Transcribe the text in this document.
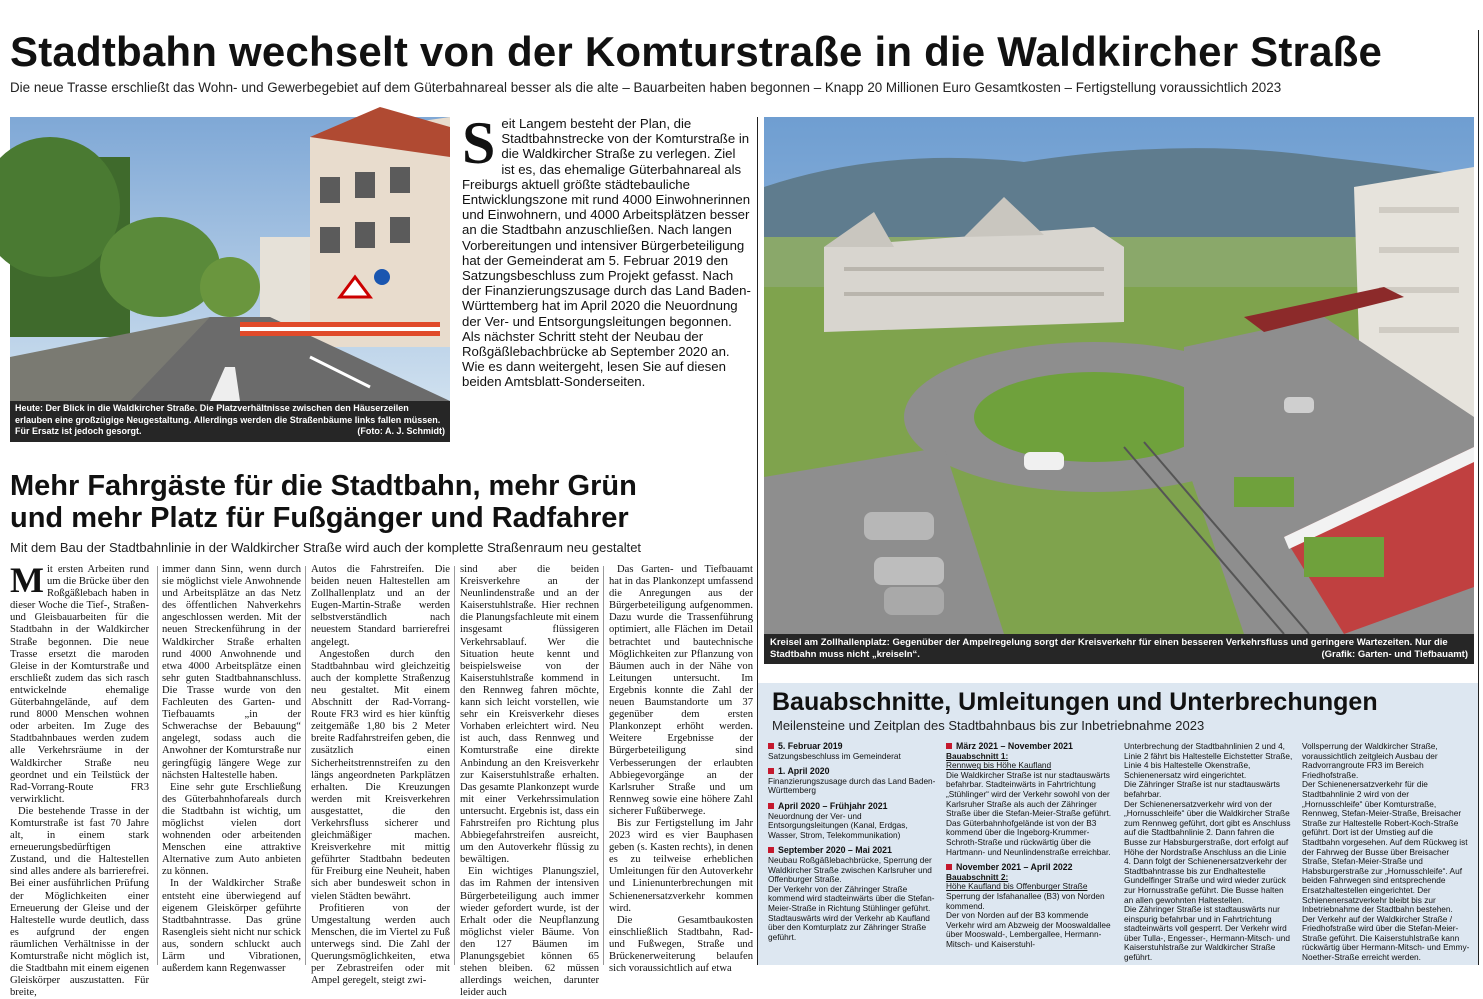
Stadtbahn wechselt von der Komturstraße in die Waldkircher Straße
Die neue Trasse erschließt das Wohn- und Gewerbegebiet auf dem Güterbahnareal besser als die alte – Bauarbeiten haben begonnen – Knapp 20 Millionen Euro Gesamtkosten – Fertigstellung voraussichtlich 2023
Heute: Der Blick in die Waldkircher Straße. Die Platzverhältnisse zwischen den Häuserzeilen erlauben eine großzügige Neugestaltung. Allerdings werden die Straßenbäume links fallen müssen. Für Ersatz ist jedoch gesorgt.	(Foto: A. J. Schmidt)
Seit Langem besteht der Plan, die Stadtbahnstrecke von der Komturstraße in die Waldkircher Straße zu verlegen. Ziel ist es, das ehemalige Güterbahnareal als Freiburgs aktuell größte städtebauliche Entwicklungszone mit rund 4000 Einwohnerinnen und Einwohnern, und 4000 Arbeitsplätzen besser an die Stadtbahn anzuschließen. Nach langen Vorbereitungen und intensiver Bürgerbeteiligung hat der Gemeinderat am 5. Februar 2019 den Satzungsbeschluss zum Projekt gefasst. Nach der Finanzierungszusage durch das Land Baden-Württemberg hat im April 2020 die Neuordnung der Ver- und Entsorgungsleitungen begonnen. Als nächster Schritt steht der Neubau der Roßgäßlebachbrücke ab September 2020 an. Wie es dann weitergeht, lesen Sie auf diesen beiden Amtsblatt-Sonderseiten.
Mehr Fahrgäste für die Stadtbahn, mehr Grün
und mehr Platz für Fußgänger und Radfahrer
Mit dem Bau der Stadtbahnlinie in der Waldkircher Straße wird auch der komplette Straßenraum neu gestaltet

Mit ersten Arbeiten rund um die Brücke über den Roßgäßlebach haben in dieser Woche die Tief-, Straßen- und Gleisbauarbeiten für die Stadtbahn in der Waldkircher Straße begonnen. Die neue Trasse ersetzt die maroden Gleise in der Komturstraße und erschließt zudem das sich rasch entwickelnde ehemalige Güterbahngelände, auf dem rund 8000 Menschen wohnen oder arbeiten. Im Zuge des Stadtbahnbaues werden zudem alle Verkehrsräume in der Waldkircher Straße neu geordnet und ein Teilstück der Rad-Vorrang-Route FR3 verwirklicht.

Die bestehende Trasse in der Komturstraße ist fast 70 Jahre alt, in einem stark erneuerungsbedürftigen Zustand, und die Haltestellen sind alles andere als barrierefrei. Bei einer ausführlichen Prüfung der Möglichkeiten einer Erneuerung der Gleise und der Haltestelle wurde deutlich, dass es aufgrund der engen räumlichen Verhältnisse in der Komturstraße nicht möglich ist, die Stadtbahn mit einem eigenen Gleiskörper auszustatten. Für breite,

immer dann Sinn, wenn durch sie möglichst viele Anwohnende und Arbeitsplätze an das Netz des öffentlichen Nahverkehrs angeschlossen werden. Mit der neuen Streckenführung in der Waldkircher Straße erhalten rund 4000 Anwohnende und etwa 4000 Arbeitsplätze einen sehr guten Stadtbahnanschluss. Die Trasse wurde von den Fachleuten des Garten- und Tiefbauamts „in der Schwerachse der Bebauung“ angelegt, sodass auch die Anwohner der Komturstraße nur geringfügig längere Wege zur nächsten Haltestelle haben.

Eine sehr gute Erschließung des Güterbahnhofareals durch die Stadtbahn ist wichtig, um möglichst vielen dort wohnenden oder arbeitenden Menschen eine attraktive Alternative zum Auto anbieten zu können.

In der Waldkircher Straße entsteht eine überwiegend auf eigenem Gleiskörper geführte Stadtbahntrasse. Das grüne Rasengleis sieht nicht nur schick aus, sondern schluckt auch Lärm und Vibrationen, außerdem kann Regenwasser

Autos die Fahrstreifen. Die beiden neuen Haltestellen am Zollhallenplatz und an der Eugen-Martin-Straße werden selbstverständlich nach neuestem Standard barrierefrei angelegt.

Angestoßen durch den Stadtbahnbau wird gleichzeitig auch der komplette Straßenzug neu gestaltet. Mit einem Abschnitt der Rad-Vorrang-Route FR3 wird es hier künftig zeitgemäße 1,80 bis 2 Meter breite Radfahrstreifen geben, die zusätzlich einen Sicherheitstrennstreifen zu den längs angeordneten Parkplätzen erhalten. Die Kreuzungen werden mit Kreisverkehren ausgestattet, die den Verkehrsfluss sicherer und gleichmäßiger machen. Kreisverkehre mit mittig geführter Stadtbahn bedeuten für Freiburg eine Neuheit, haben sich aber bundesweit schon in vielen Städten bewährt.

Profitieren von der Umgestaltung werden auch Menschen, die im Viertel zu Fuß unterwegs sind. Die Zahl der Querungsmöglichkeiten, etwa per Zebrastreifen oder mit Ampel geregelt, steigt zwi-

sind aber die beiden Kreisverkehre an der Neunlindenstraße und an der Kaiserstuhlstraße. Hier rechnen die Planungsfachleute mit einem insgesamt flüssigeren Verkehrsablauf. Wer die Situation heute kennt und beispielsweise von der Kaiserstuhlstraße kommend in den Rennweg fahren möchte, kann sich leicht vorstellen, wie sehr ein Kreisverkehr dieses Vorhaben erleichtert wird. Neu ist auch, dass Rennweg und Komturstraße eine direkte Anbindung an den Kreisverkehr zur Kaiserstuhlstraße erhalten. Das gesamte Plankonzept wurde mit einer Verkehrssimulation untersucht. Ergebnis ist, dass ein Fahrstreifen pro Richtung plus Abbiegefahrstreifen ausreicht, um den Autoverkehr flüssig zu bewältigen.

Ein wichtiges Planungsziel, das im Rahmen der intensiven Bürgerbeteiligung auch immer wieder gefordert wurde, ist der Erhalt oder die Neupflanzung möglichst vieler Bäume. Von den 127 Bäumen im Planungsgebiet können 65 stehen bleiben. 62 müssen allerdings weichen, darunter leider auch

Das Garten- und Tiefbauamt hat in das Plankonzept umfassend die Anregungen aus der Bürgerbeteiligung aufgenommen. Dazu wurde die Trassenführung optimiert, alle Flächen im Detail betrachtet und bautechnische Möglichkeiten zur Pflanzung von Bäumen auch in der Nähe von Leitungen untersucht. Im Ergebnis konnte die Zahl der neuen Baumstandorte um 37 gegenüber dem ersten Plankonzept erhöht werden. Weitere Ergebnisse der Bürgerbeteiligung sind Verbesserungen der erlaubten Abbiegevorgänge an der Karlsruher Straße und um Rennweg sowie eine höhere Zahl sicherer Fußüberwege.

Bis zur Fertigstellung im Jahr 2023 wird es vier Bauphasen geben (s. Kasten rechts), in denen es zu teilweise erheblichen Umleitungen für den Autoverkehr und Linienunterbrechungen mit Schienenersatzverkehr kommen wird.

Die Gesamtbaukosten einschließlich Stadtbahn, Rad- und Fußwegen, Straße und Brückenerweiterung belaufen sich voraussichtlich auf etwa

Kreisel am Zollhallenplatz: Gegenüber der Ampelregelung sorgt der Kreisverkehr für einen besseren Verkehrsfluss und geringere Wartezeiten. Nur die Stadtbahn muss nicht „kreiseln“.	(Grafik: Garten- und Tiefbauamt)
Bauabschnitte, Umleitungen und Unterbrechungen
Meilensteine und Zeitplan des Stadtbahnbaus bis zur Inbetriebnahme 2023
5. Februar 2019
Satzungsbeschluss im Gemeinderat
1. April 2020
Finanzierungszusage durch das Land Baden-Württemberg
April 2020 – Frühjahr 2021
Neuordnung der Ver- und Entsorgungsleitungen (Kanal, Erdgas, Wasser, Strom, Telekommunikation)
September 2020 – Mai 2021
Neubau Roßgäßlebachbrücke, Sperrung der Waldkircher Straße zwischen Karlsruher und Offenburger Straße.
Der Verkehr von der Zähringer Straße kommend wird stadteinwärts über die Stefan-Meier-Straße in Richtung Stühlinger geführt. Stadtauswärts wird der Verkehr ab Kaufland über den Komturplatz zur Zähringer Straße geführt.
März 2021 – November 2021
Bauabschnitt 1:
Rennweg bis Höhe Kaufland
Die Waldkircher Straße ist nur stadtauswärts befahrbar. Stadteinwärts in Fahrtrichtung „Stühlinger“ wird der Verkehr sowohl von der Karlsruher Straße als auch der Zähringer Straße über die Stefan-Meier-Straße geführt. Das Güterbahnhofgelände ist von der B3 kommend über die Ingeborg-Krummer-Schroth-Straße und rückwärtig über die Hartmann- und Neunlindenstraße erreichbar.
November 2021 – April 2022
Bauabschnitt 2:
Höhe Kaufland bis Offenburger Straße
Sperrung der Isfahanallee (B3) von Norden kommend.
Der von Norden auf der B3 kommende Verkehr wird am Abzweig der Mooswaldallee über Mooswald-, Lembergallee, Hermann-Mitsch- und Kaiserstuhl-
Unterbrechung der Stadtbahnlinien 2 und 4, Linie 2 fährt bis Haltestelle Eichstetter Straße, Linie 4 bis Haltestelle Okenstraße, Schienenersatz wird eingerichtet.
Die Zähringer Straße ist nur stadtauswärts befahrbar.
Der Schienenersatzverkehr wird von der „Hornusschleife“ über die Waldkircher Straße zum Rennweg geführt, dort gibt es Anschluss auf die Stadtbahnlinie 2. Dann fahren die Busse zur Habsburgerstraße, dort erfolgt auf Höhe der Nordstraße Anschluss an die Linie 4. Dann folgt der Schienenersatzverkehr der Stadtbahntrasse bis zur Endhaltestelle Gundelfinger Straße und wird wieder zurück zur Hornusstraße geführt. Die Busse halten an allen gewohnten Haltestellen.
Die Zähringer Straße ist stadtauswärts nur einspurig befahrbar und in Fahrtrichtung stadteinwärts voll gesperrt. Der Verkehr wird über Tulla-, Engesser-, Hermann-Mitsch- und Kaiserstuhlstraße zur Waldkircher Straße geführt.
Vollsperrung der Waldkircher Straße, voraussichtlich zeitgleich Ausbau der Radvorrangroute FR3 im Bereich Friedhofstraße.
Der Schienenersatzverkehr für die Stadtbahnlinie 2 wird von der „Hornusschleife“ über Komturstraße, Rennweg, Stefan-Meier-Straße, Breisacher Straße zur Haltestelle Robert-Koch-Straße geführt. Dort ist der Umstieg auf die Stadtbahn vorgesehen. Auf dem Rückweg ist der Fahrweg der Busse über Breisacher Straße, Stefan-Meier-Straße und Habsburgerstraße zur „Hornusschleife“. Auf beiden Fahrwegen sind entsprechende Ersatzhaltestellen eingerichtet. Der Schienenersatzverkehr bleibt bis zur Inbetriebnahme der Stadtbahn bestehen.
Der Verkehr auf der Waldkircher Straße / Friedhofstraße wird über die Stefan-Meier-Straße geführt. Die Kaiserstuhlstraße kann rückwärtig über Hermann-Mitsch- und Emmy-Noether-Straße erreicht werden.
